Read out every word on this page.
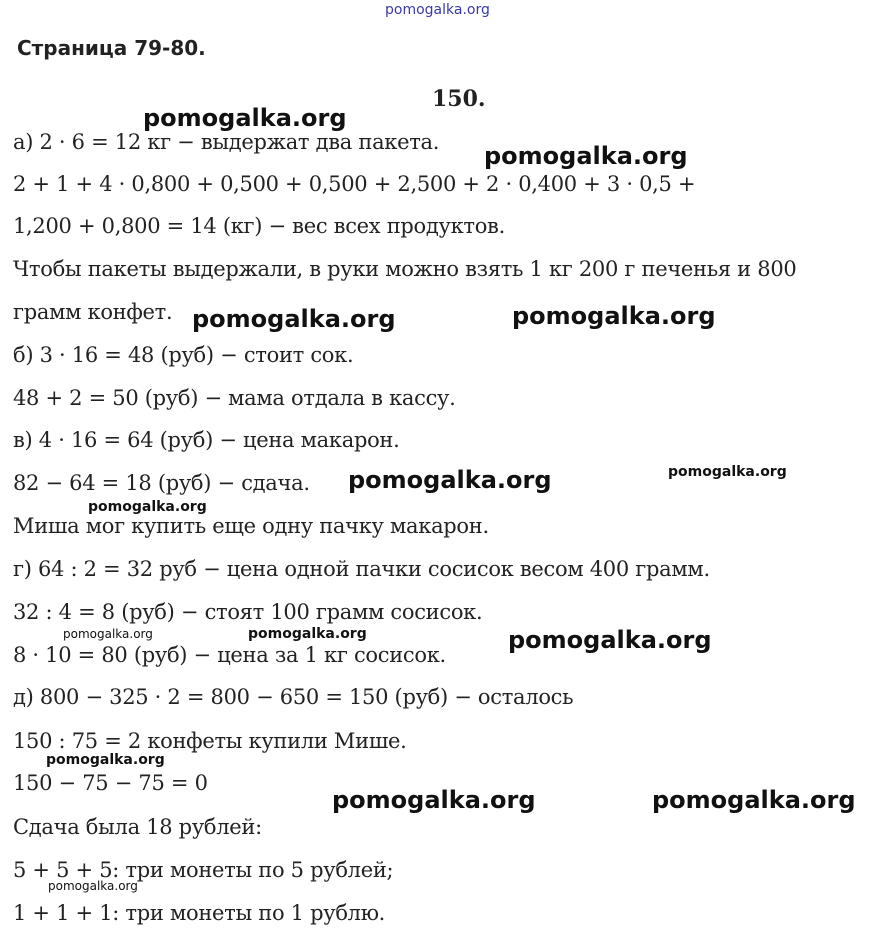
pomogalka.org
Страница 79-80.
150.
а) 2 · 6 = 12 кг − выдержат два пакета.
2 + 1 + 4 · 0,800 + 0,500 + 0,500 + 2,500 + 2 · 0,400 + 3 · 0,5 +
1,200 + 0,800 = 14 (кг) − вес всех продуктов.
Чтобы пакеты выдержали, в руки можно взять 1 кг 200 г печенья и 800
грамм конфет.
б) 3 · 16 = 48 (руб) − стоит сок.
48 + 2 = 50 (руб) − мама отдала в кассу.
в) 4 · 16 = 64 (руб) − цена макарон.
82 − 64 = 18 (руб) − сдача.
Миша мог купить еще одну пачку макарон.
г) 64 : 2 = 32 руб − цена одной пачки сосисок весом 400 грамм.
32 : 4 = 8 (руб) − стоят 100 грамм сосисок.
8 · 10 = 80 (руб) − цена за 1 кг сосисок.
д) 800 − 325 · 2 = 800 − 650 = 150 (руб) − осталось
150 : 75 = 2 конфеты купили Мише.
150 − 75 − 75 = 0
Сдача была 18 рублей:
5 + 5 + 5: три монеты по 5 рублей;
1 + 1 + 1: три монеты по 1 рублю.
pomogalka.org
pomogalka.org
pomogalka.org	pomogalka.org
pomogalka.org	pomogalka.org
pomogalka.org
pomogalka.org	pomogalka.org	pomogalka.org
pomogalka.org
pomogalka.org	pomogalka.org
pomogalka.org
